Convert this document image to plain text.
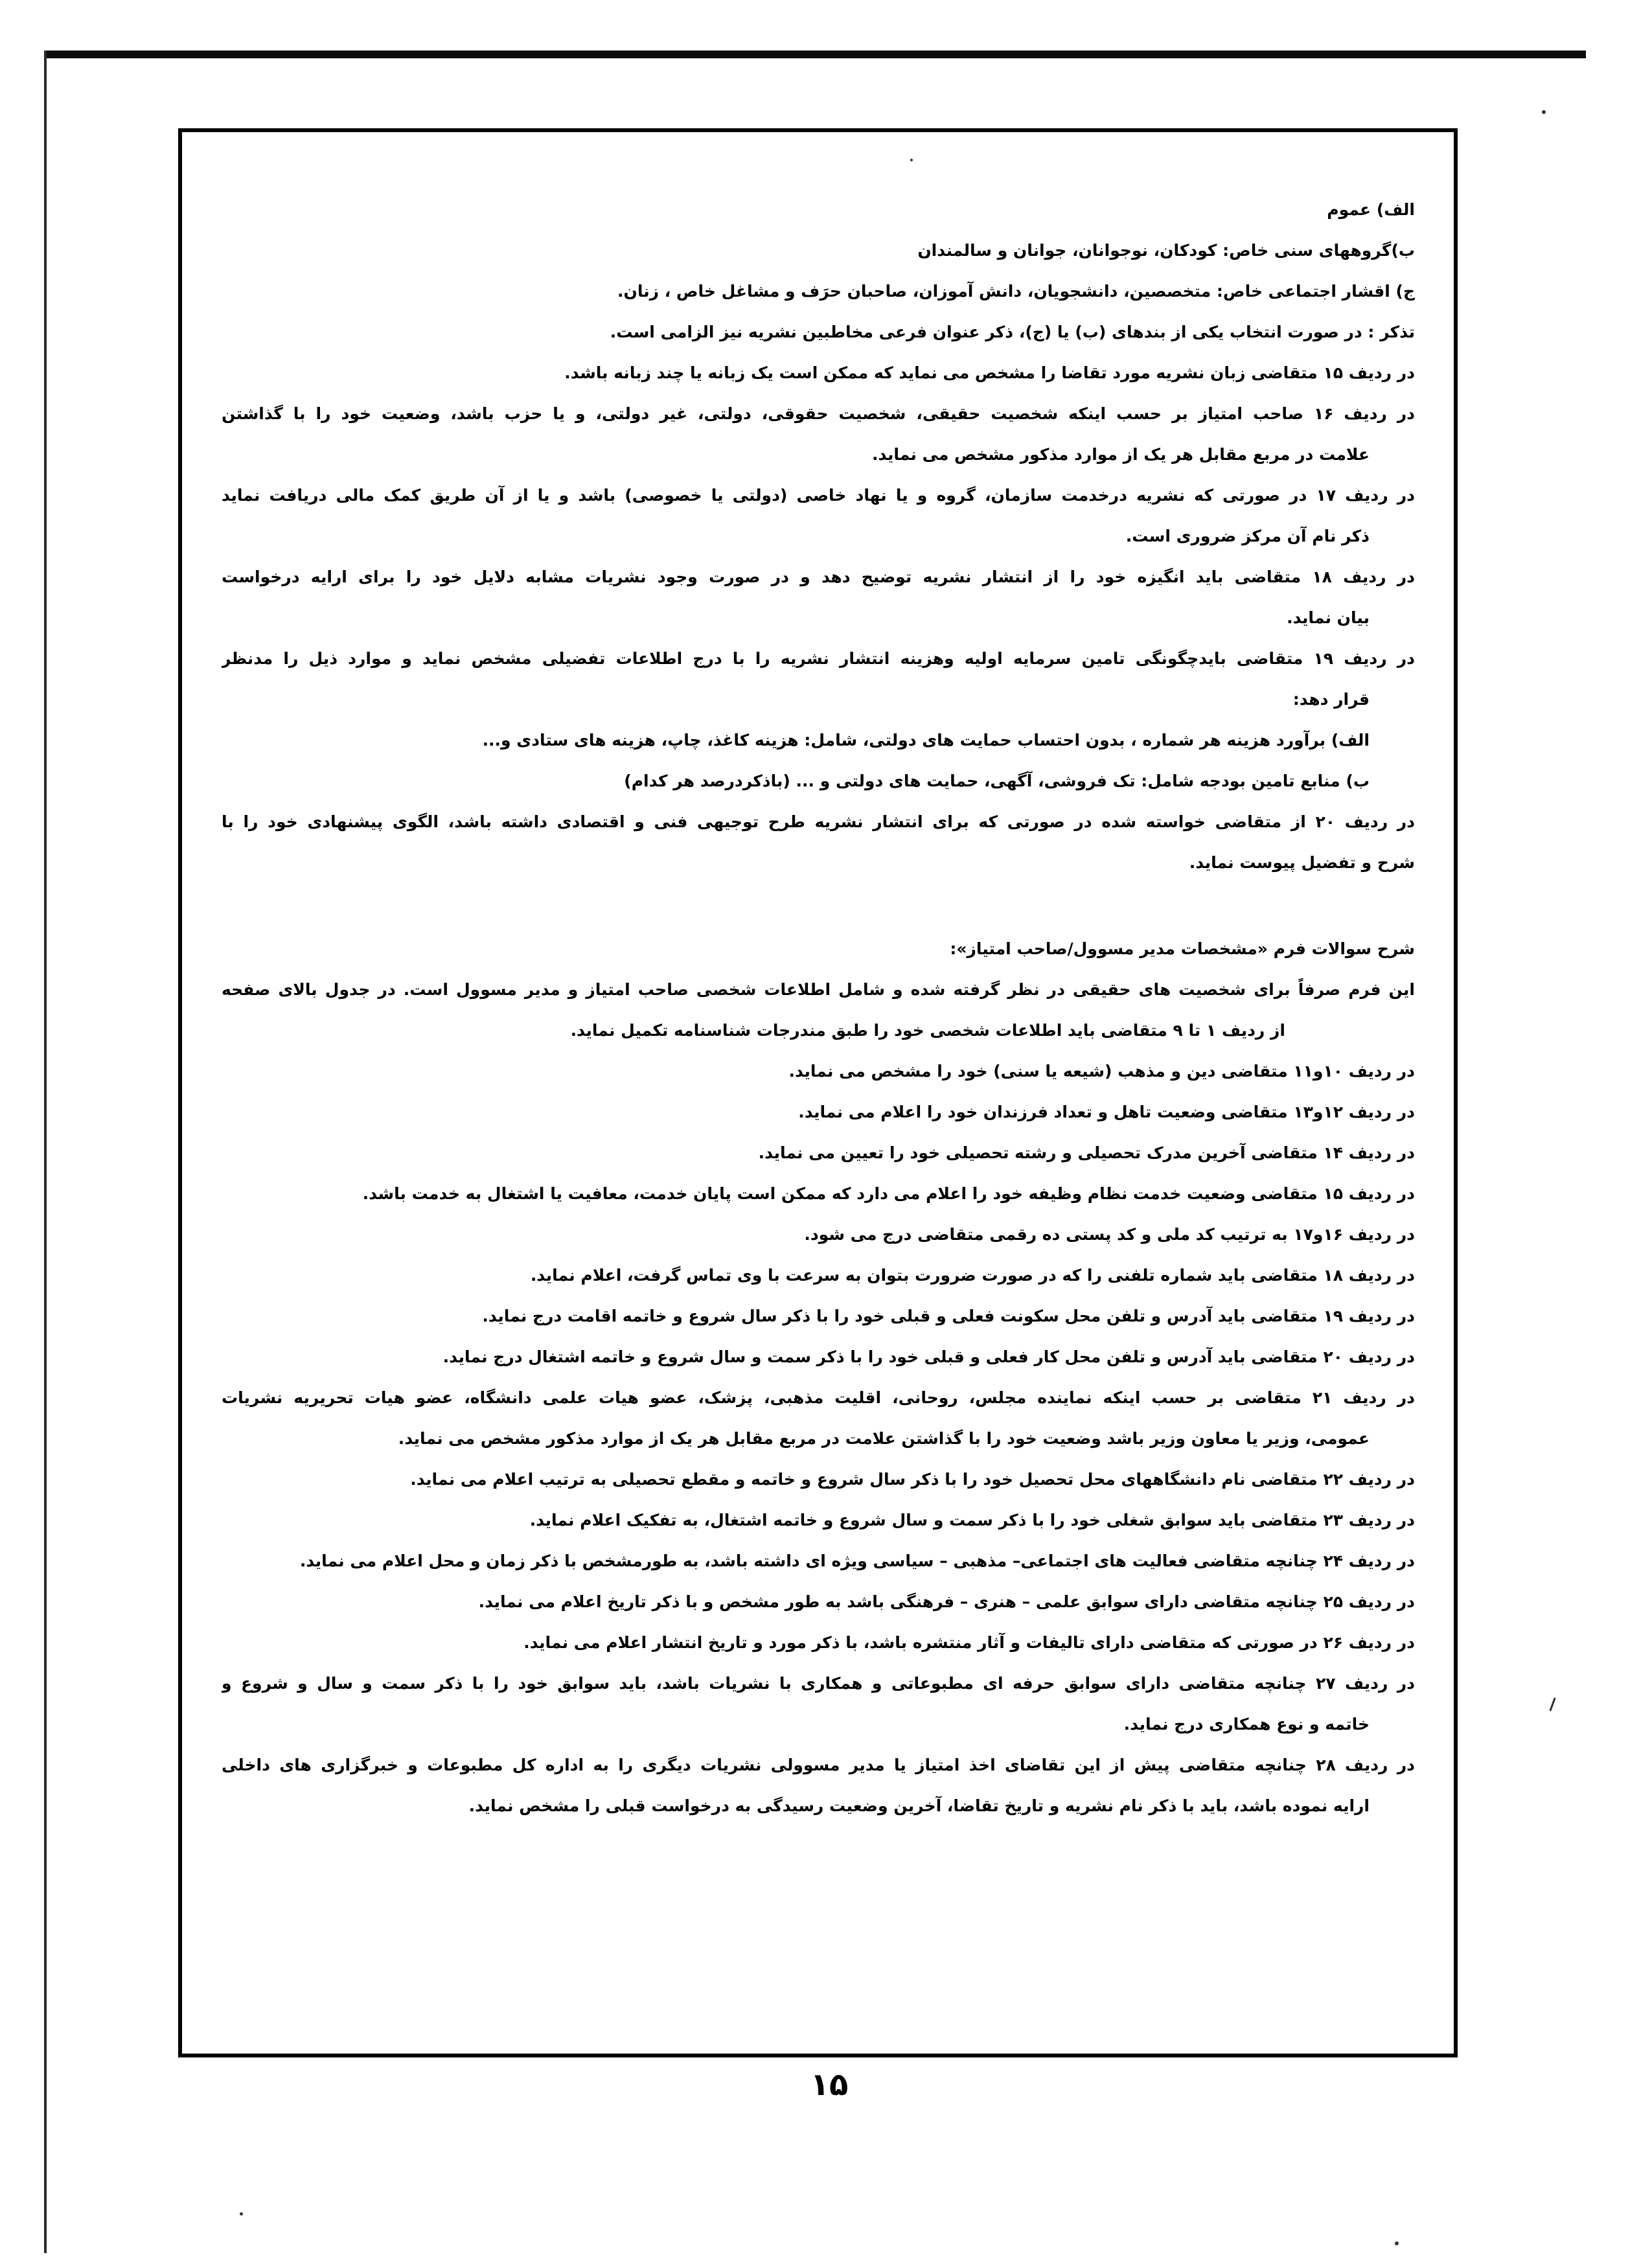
الف) عموم
ب)گروههای سنی خاص: کودکان، نوجوانان، جوانان و سالمندان
ج) اقشار اجتماعی خاص: متخصصین، دانشجویان، دانش آموزان، صاحبان حرَف و مشاغل خاص ، زنان.
تذکر : در صورت انتخاب یکی از بندهای (ب) یا (ج)، ذکر عنوان فرعی مخاطبین نشریه نیز الزامی است.
در ردیف ۱۵ متقاضی زبان نشریه مورد تقاضا را مشخص می نماید که ممکن است یک زبانه یا چند زبانه باشد.
در ردیف ۱۶ صاحب امتیاز بر حسب اینکه شخصیت حقیقی، شخصیت حقوقی، دولتی، غیر دولتی، و یا حزب باشد، وضعیت خود را با گذاشتن
علامت در مربع مقابل هر یک از موارد مذکور مشخص می نماید.
در ردیف ۱۷ در صورتی که نشریه درخدمت سازمان، گروه و یا نهاد خاصی (دولتی یا خصوصی) باشد و یا از آن طریق کمک مالی دریافت نماید
ذکر نام آن مرکز ضروری است.
در ردیف ۱۸ متقاضی باید انگیزه خود را از انتشار نشریه توضیح دهد و در صورت وجود نشریات مشابه دلایل خود را برای ارایه درخواست
بیان نماید.
در ردیف ۱۹ متقاضی بایدچگونگی تامین سرمایه اولیه وهزینه انتشار نشریه را با درج اطلاعات تفضیلی مشخص نماید و موارد ذیل را مدنظر
قرار دهد:
الف) برآورد هزینه هر شماره ، بدون احتساب حمایت های دولتی، شامل: هزینه کاغذ، چاپ، هزینه های ستادی و...
ب) منابع تامین بودجه شامل: تک فروشی، آگهی، حمایت های دولتی و ... (باذکردرصد هر کدام)
در ردیف ۲۰ از متقاضی خواسته شده در صورتی که برای انتشار نشریه طرح توجیهی فنی و اقتصادی داشته باشد، الگوی پیشنهادی خود را با
شرح و تفضیل پیوست نماید.
شرح سوالات فرم «مشخصات مدیر مسوول/صاحب امتیاز»:
این فرم صرفاً برای شخصیت های حقیقی در نظر گرفته شده و شامل اطلاعات شخصی صاحب امتیاز و مدیر مسوول است. در جدول بالای صفحه
از ردیف ۱ تا ۹ متقاضی باید اطلاعات شخصی خود را طبق مندرجات شناسنامه تکمیل نماید.
در ردیف ۱۰و۱۱ متقاضی دین و مذهب (شیعه یا سنی) خود را مشخص می نماید.
در ردیف ۱۲و۱۳ متقاضی وضعیت تاهل و تعداد فرزندان خود را اعلام می نماید.
در ردیف ۱۴ متقاضی آخرین مدرک تحصیلی و رشته تحصیلی خود را تعیین می نماید.
در ردیف ۱۵ متقاضی وضعیت خدمت نظام وظیفه خود را اعلام می دارد که ممکن است پایان خدمت، معافیت یا اشتغال به خدمت باشد.
در ردیف ۱۶و۱۷ به ترتیب کد ملی و کد پستی ده رقمی متقاضی درج می شود.
در ردیف ۱۸ متقاضی باید شماره تلفنی را که در صورت ضرورت بتوان به سرعت با وی تماس گرفت، اعلام نماید.
در ردیف ۱۹ متقاضی باید آدرس و تلفن محل سکونت فعلی و قبلی خود را با ذکر سال شروع و خاتمه اقامت درج نماید.
در ردیف ۲۰ متقاضی باید آدرس و تلفن محل کار فعلی و قبلی خود را با ذکر سمت و سال شروع و خاتمه اشتغال درج نماید.
در ردیف ۲۱ متقاضی بر حسب اینکه نماینده مجلس، روحانی، اقلیت مذهبی، پزشک، عضو هیات علمی دانشگاه، عضو هیات تحریریه نشریات
عمومی، وزیر یا معاون وزیر باشد وضعیت خود را با گذاشتن علامت در مربع مقابل هر یک از موارد مذکور مشخص می نماید.
در ردیف ۲۲ متقاضی نام دانشگاههای محل تحصیل خود را با ذکر سال شروع و خاتمه و مقطع تحصیلی به ترتیب اعلام می نماید.
در ردیف ۲۳ متقاضی باید سوابق شغلی خود را با ذکر سمت و سال شروع و خاتمه اشتغال، به تفکیک اعلام نماید.
در ردیف ۲۴ چنانچه متقاضی فعالیت های اجتماعی– مذهبی – سیاسی ویژه ای داشته باشد، به طورمشخص با ذکر زمان و محل اعلام می نماید.
در ردیف ۲۵ چنانچه متقاضی دارای سوابق علمی – هنری – فرهنگی باشد به طور مشخص و با ذکر تاریخ اعلام می نماید.
در ردیف ۲۶ در صورتی که متقاضی دارای تالیفات و آثار منتشره باشد، با ذکر مورد و تاریخ انتشار اعلام می نماید.
در ردیف ۲۷ چنانچه متقاضی دارای سوابق حرفه ای مطبوعاتی و همکاری با نشریات باشد، باید سوابق خود را با ذکر سمت و سال و شروع و
خاتمه و نوع همکاری درج نماید.
در ردیف ۲۸ چنانچه متقاضی پیش از این تقاضای اخذ امتیاز یا مدیر مسوولی نشریات دیگری را به اداره کل مطبوعات و خبرگزاری های داخلی
ارایه نموده باشد، باید با ذکر نام نشریه و تاریخ تقاضا، آخرین وضعیت رسیدگی به درخواست قبلی را مشخص نماید.
۱۵
